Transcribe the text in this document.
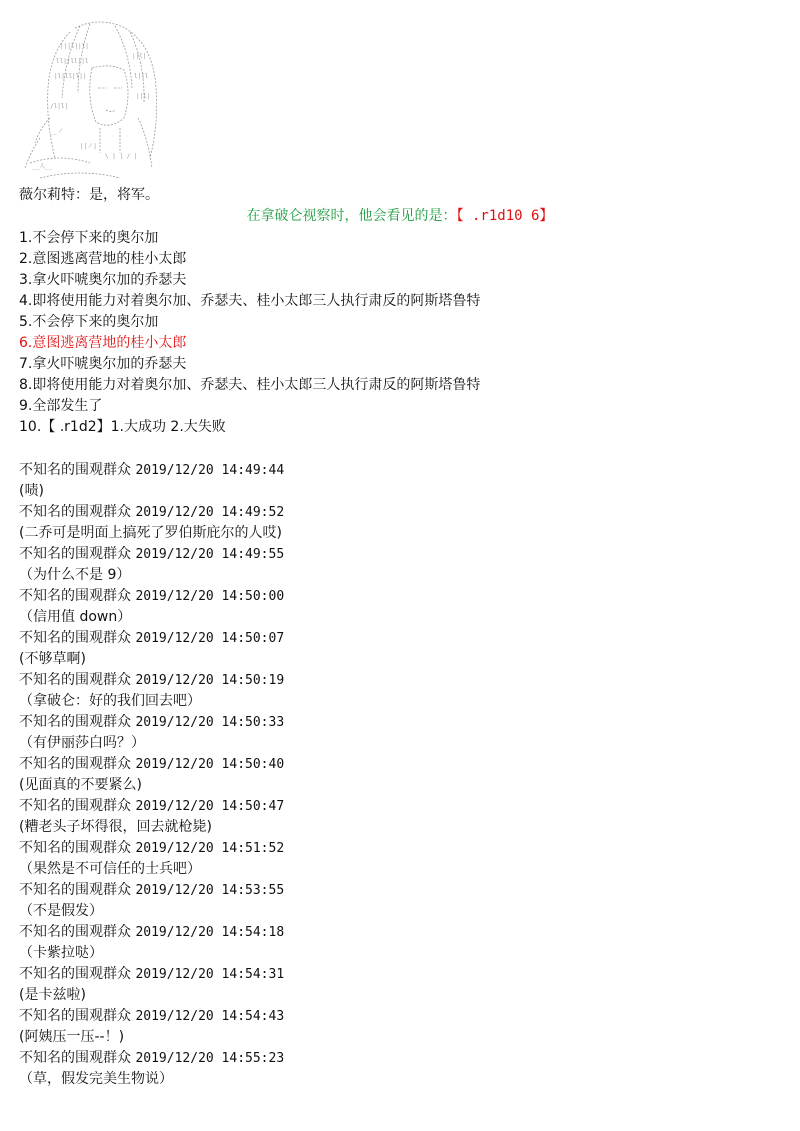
|||l||l|
ll||ll||l
|l|ll|l||
||l|
l||l
||l|
/l|l|
__ノ
||ノ|
\ | | / |
__人__
薇尔莉特：是，将军。
在拿破仑视察时，他会看见的是：【 .r1d10 6】
1.不会停下来的奥尔加
2.意图逃离营地的桂小太郎
3.拿火吓唬奥尔加的乔瑟夫
4.即将使用能力对着奥尔加、乔瑟夫、桂小太郎三人执行肃反的阿斯塔鲁特
5.不会停下来的奥尔加
6.意图逃离营地的桂小太郎
7.拿火吓唬奥尔加的乔瑟夫
8.即将使用能力对着奥尔加、乔瑟夫、桂小太郎三人执行肃反的阿斯塔鲁特
9.全部发生了
10.【 .r1d2】1.大成功 2.大失败
不知名的围观群众 2019/12/20 14:49:44
(啧)
不知名的围观群众 2019/12/20 14:49:52
(二乔可是明面上搞死了罗伯斯庇尔的人哎)
不知名的围观群众 2019/12/20 14:49:55
（为什么不是 9）
不知名的围观群众 2019/12/20 14:50:00
（信用值 down）
不知名的围观群众 2019/12/20 14:50:07
(不够草啊)
不知名的围观群众 2019/12/20 14:50:19
（拿破仑：好的我们回去吧）
不知名的围观群众 2019/12/20 14:50:33
（有伊丽莎白吗？）
不知名的围观群众 2019/12/20 14:50:40
(见面真的不要紧么)
不知名的围观群众 2019/12/20 14:50:47
(糟老头子坏得很，回去就枪毙)
不知名的围观群众 2019/12/20 14:51:52
（果然是不可信任的士兵吧）
不知名的围观群众 2019/12/20 14:53:55
（不是假发）
不知名的围观群众 2019/12/20 14:54:18
（卡紫拉哒）
不知名的围观群众 2019/12/20 14:54:31
(是卡兹啦)
不知名的围观群众 2019/12/20 14:54:43
(阿姨压一压--！)
不知名的围观群众 2019/12/20 14:55:23
（草，假发完美生物说）
